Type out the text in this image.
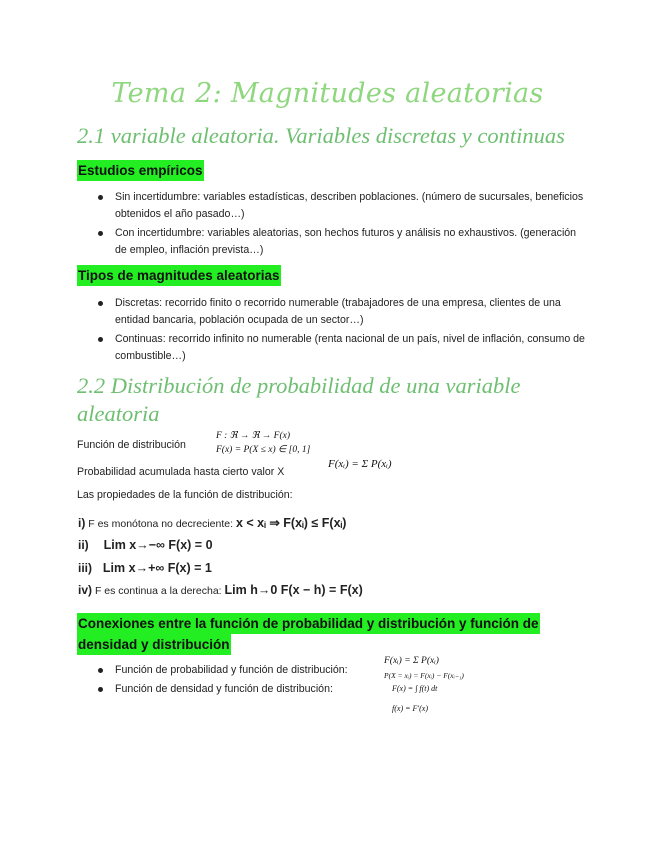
Tema 2: Magnitudes aleatorias
2.1 variable aleatoria. Variables discretas y continuas
Estudios empíricos
Sin incertidumbre: variables estadísticas, describen poblaciones. (número de sucursales, beneficios obtenidos el año pasado…)
Con incertidumbre: variables aleatorias, son hechos futuros y análisis no exhaustivos. (generación de empleo, inflación prevista…)
Tipos de magnitudes aleatorias
Discretas: recorrido finito o recorrido numerable (trabajadores de una empresa, clientes de una entidad bancaria, población ocupada de un sector…)
Continuas: recorrido infinito no numerable (renta nacional de un país, nivel de inflación, consumo de combustible…)
2.2 Distribución de probabilidad de una variable
aleatoria
Función de distribución
F : ℜ → ℜ → F(x)
F(x) = P(X ≤ x) ∈ [0, 1]
Probabilidad acumulada hasta cierto valor X
F(xᵢ) = Σ P(xᵢ)
Las propiedades de la función de distribución:
i) F es monótona no decreciente: x < xᵢ ⇒ F(xᵢ) ≤ F(xᵢ)
ii) Lim x→−∞ F(x) = 0
iii) Lim x→+∞ F(x) = 1
iv) F es continua a la derecha: Lim h→0 F(x − h) = F(x)
Conexiones entre la función de probabilidad y distribución y función de
densidad y distribución
Función de probabilidad y función de distribución:
Función de densidad y función de distribución:
F(xᵢ) = Σ P(xᵢ)
P(X = xᵢ) = F(xᵢ) − F(xᵢ₋₁)
F(x) = ∫ f(t) dt
f(x) = F′(x)
